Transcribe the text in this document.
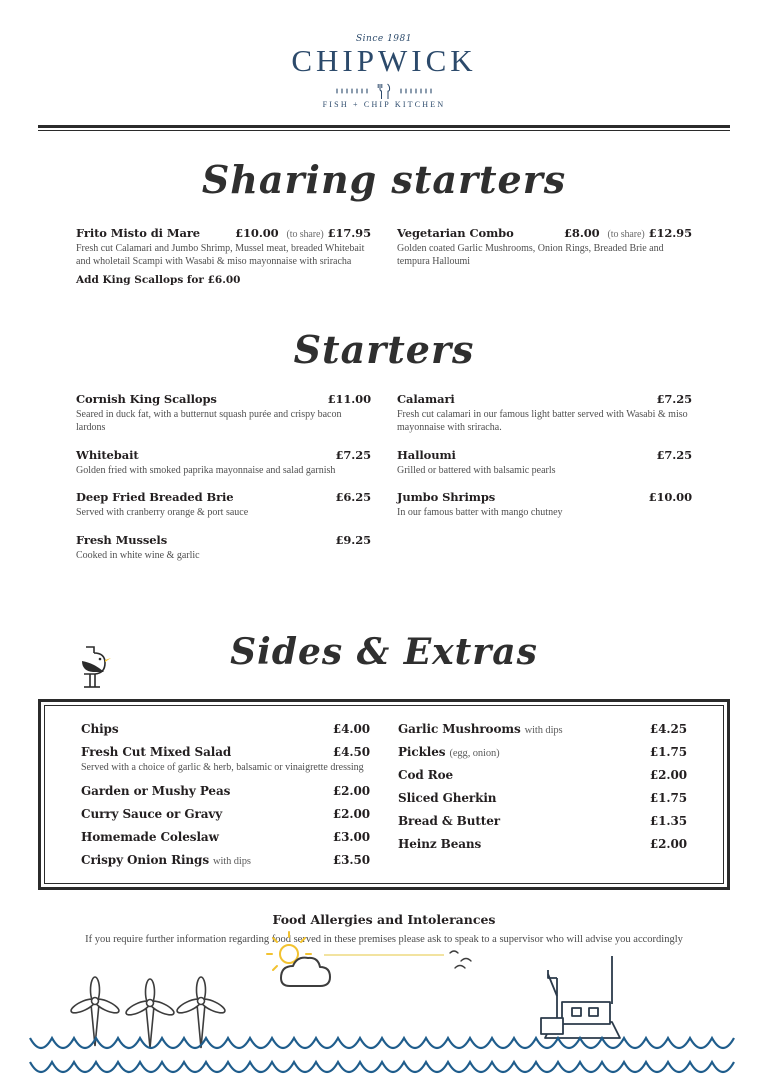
Since 1981
CHIPWICK
FISH + CHIP KITCHEN
Sharing starters
Frito Misto di Mare	£10.00 (to share) £17.95
Fresh cut Calamari and Jumbo Shrimp, Mussel meat, breaded Whitebait and wholetail Scampi with Wasabi & miso mayonnaise with sriracha
Add King Scallops for £6.00
Vegetarian Combo	£8.00 (to share) £12.95
Golden coated Garlic Mushrooms, Onion Rings, Breaded Brie and tempura Halloumi
Starters
Cornish King Scallops	£11.00
Seared in duck fat, with a butternut squash purée and crispy bacon lardons
Whitebait	£7.25
Golden fried with smoked paprika mayonnaise and salad garnish
Deep Fried Breaded Brie	£6.25
Served with cranberry orange & port sauce
Fresh Mussels	£9.25
Cooked in white wine & garlic
Calamari	£7.25
Fresh cut calamari in our famous light batter served with Wasabi & miso mayonnaise with sriracha.
Halloumi	£7.25
Grilled or battered with balsamic pearls
Jumbo Shrimps	£10.00
In our famous batter with mango chutney
Sides & Extras
Chips	£4.00
Fresh Cut Mixed Salad	£4.50
Served with a choice of garlic & herb, balsamic or vinaigrette dressing
Garden or Mushy Peas	£2.00
Curry Sauce or Gravy	£2.00
Homemade Coleslaw	£3.00
Crispy Onion Rings with dips	£3.50
Garlic Mushrooms with dips	£4.25
Pickles (egg, onion)	£1.75
Cod Roe	£2.00
Sliced Gherkin	£1.75
Bread & Butter	£1.35
Heinz Beans	£2.00
Food Allergies and Intolerances
If you require further information regarding food served in these premises please ask to speak to a supervisor who will advise you accordingly
